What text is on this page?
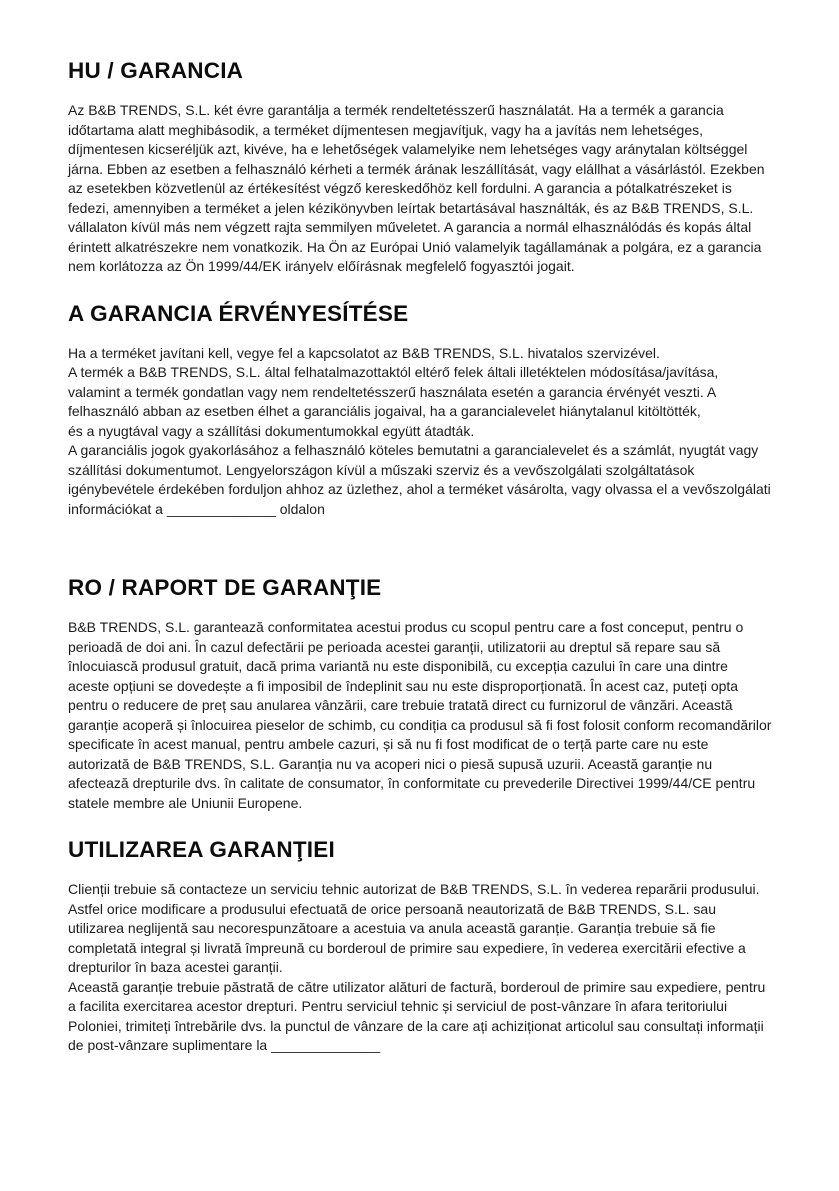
HU / GARANCIA

Az B&B TRENDS, S.L. két évre garantálja a termék rendeltetésszerű használatát. Ha a termék a garancia időtartama alatt meghibásodik, a terméket díjmentesen megjavítjuk, vagy ha a javítás nem lehetséges, díjmentesen kicseréljük azt, kivéve, ha e lehetőségek valamelyike nem lehetséges vagy aránytalan költséggel járna. Ebben az esetben a felhasználó kérheti a termék árának leszállítását, vagy elállhat a vásárlástól. Ezekben az esetekben közvetlenül az értékesítést végző kereskedőhöz kell fordulni. A garancia a pótalkatrészeket is fedezi, amennyiben a terméket a jelen kézikönyvben leírtak betartásával használták, és az B&B TRENDS, S.L. vállalaton kívül más nem végzett rajta semmilyen műveletet. A garancia a normál elhasználódás és kopás által érintett alkatrészekre nem vonatkozik. Ha Ön az Európai Unió valamelyik tagállamának a polgára, ez a garancia nem korlátozza az Ön 1999/44/EK irányelv előírásnak megfelelő fogyasztói jogait.

A GARANCIA ÉRVÉNYESÍTÉSE

Ha a terméket javítani kell, vegye fel a kapcsolatot az B&B TRENDS, S.L. hivatalos szervizével.

A termék a B&B TRENDS, S.L. által felhatalmazottaktól eltérő felek általi illetéktelen módosítása/javítása, valamint a termék gondatlan vagy nem rendeltetésszerű használata esetén a garancia érvényét veszti. A felhasználó abban az esetben élhet a garanciális jogaival, ha a garancialevelet hiánytalanul kitöltötték,

és a nyugtával vagy a szállítási dokumentumokkal együtt átadták.

A garanciális jogok gyakorlásához a felhasználó köteles bemutatni a garancialevelet és a számlát, nyugtát vagy szállítási dokumentumot. Lengyelországon kívül a műszaki szerviz és a vevőszolgálati szolgáltatások igénybevétele érdekében forduljon ahhoz az üzlethez, ahol a terméket vásárolta, vagy olvassa el a vevőszolgálati információkat a ______________ oldalon

RO / RAPORT DE GARANŢIE

B&B TRENDS, S.L. garantează conformitatea acestui produs cu scopul pentru care a fost conceput, pentru o perioadă de doi ani. În cazul defectării pe perioada acestei garanții, utilizatorii au dreptul să repare sau să înlocuiască produsul gratuit, dacă prima variantă nu este disponibilă, cu excepția cazului în care una dintre aceste opțiuni se dovedește a fi imposibil de îndeplinit sau nu este disproporționată. În acest caz, puteți opta pentru o reducere de preț sau anularea vânzării, care trebuie tratată direct cu furnizorul de vânzări. Această garanție acoperă și înlocuirea pieselor de schimb, cu condiția ca produsul să fi fost folosit conform recomandărilor specificate în acest manual, pentru ambele cazuri, și să nu fi fost modificat de o terță parte care nu este autorizată de B&B TRENDS, S.L. Garanția nu va acoperi nici o piesă supusă uzurii. Această garanție nu afectează drepturile dvs. în calitate de consumator, în conformitate cu prevederile Directivei 1999/44/CE pentru statele membre ale Uniunii Europene.

UTILIZAREA GARANŢIEI

Clienții trebuie să contacteze un serviciu tehnic autorizat de B&B TRENDS, S.L. în vederea reparării produsului.

Astfel orice modificare a produsului efectuată de orice persoană neautorizată de B&B TRENDS, S.L. sau utilizarea neglijentă sau necorespunzătoare a acestuia va anula această garanție. Garanția trebuie să fie completată integral și livrată împreună cu borderoul de primire sau expediere, în vederea exercitării efective a drepturilor în baza acestei garanții.

Această garanție trebuie păstrată de către utilizator alături de factură, borderoul de primire sau expediere, pentru a facilita exercitarea acestor drepturi. Pentru serviciul tehnic și serviciul de post-vânzare în afara teritoriului Poloniei, trimiteți întrebările dvs. la punctul de vânzare de la care ați achiziționat articolul sau consultați informații de post-vânzare suplimentare la ______________
